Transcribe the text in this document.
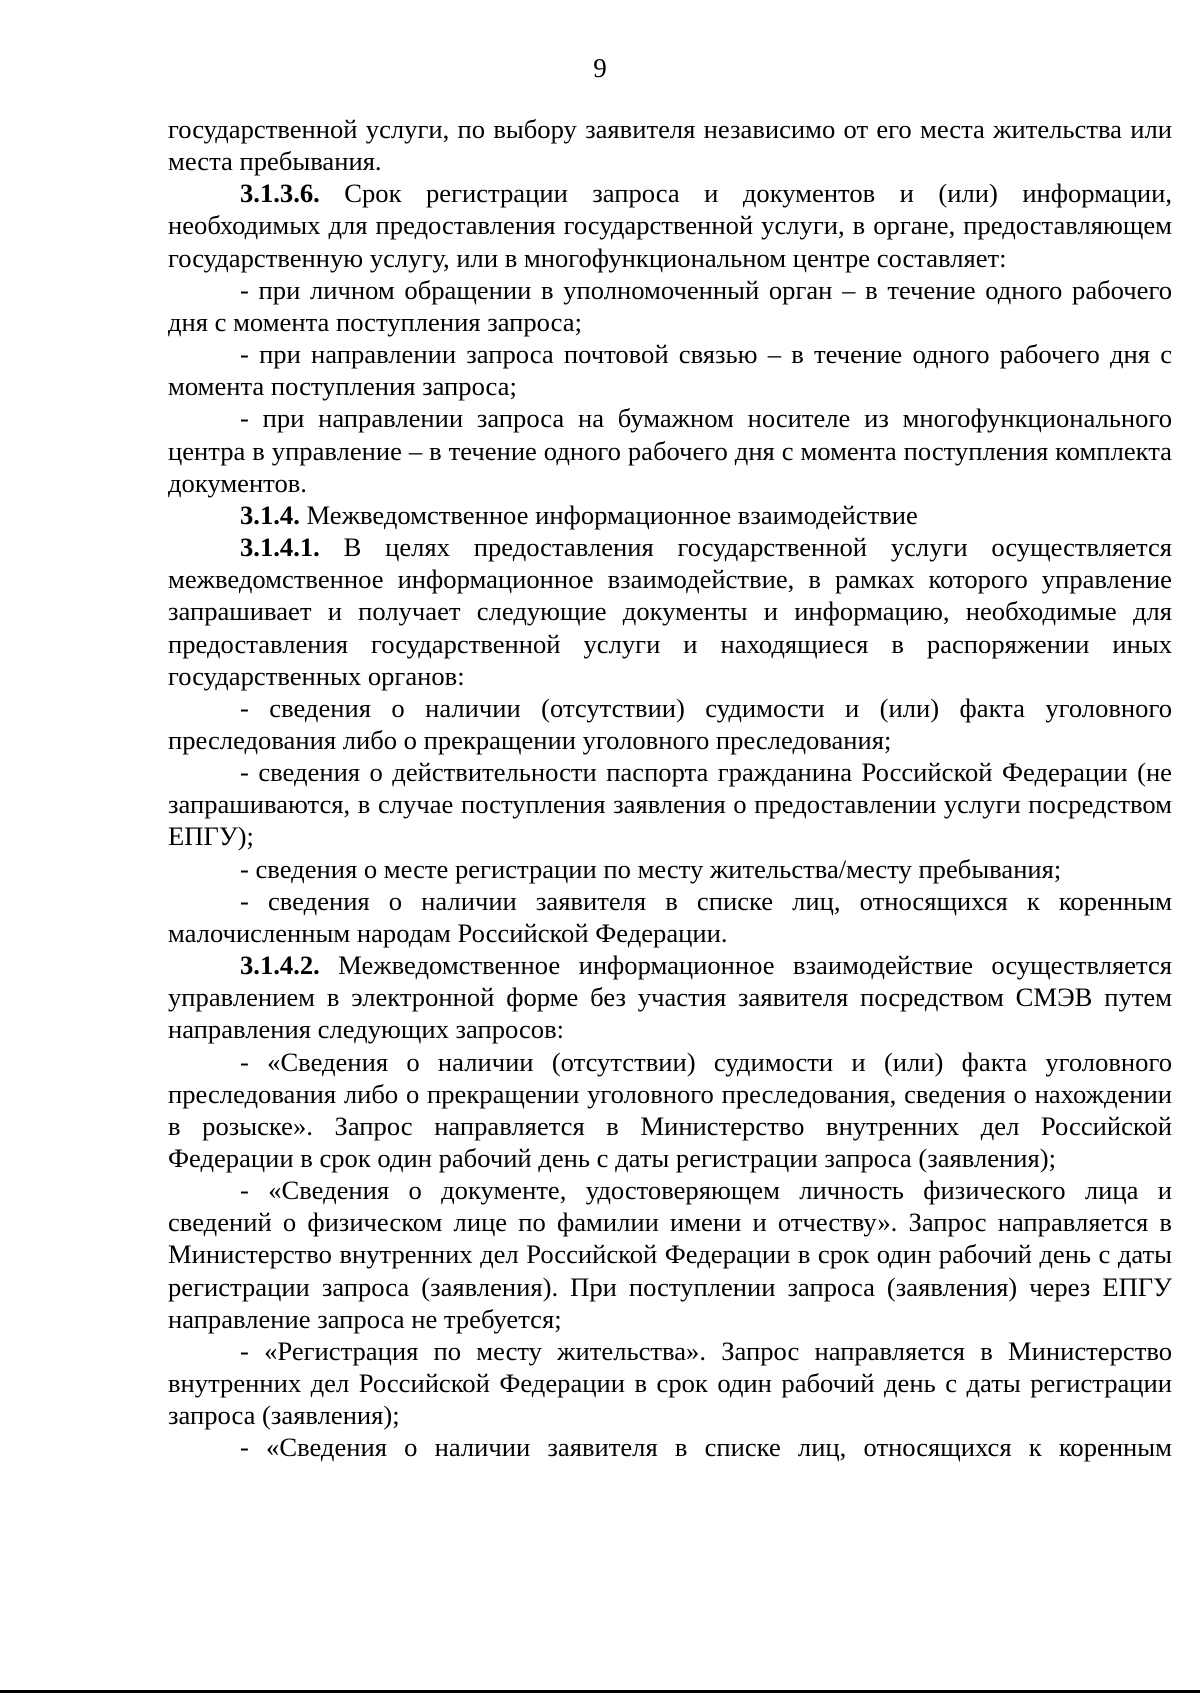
9

государственной услуги, по выбору заявителя независимо от его места жительства или места пребывания.

3.1.3.6. Срок регистрации запроса и документов и (или) информации, необходимых для предоставления государственной услуги, в органе, предоставляющем государственную услугу, или в многофункциональном центре составляет:

- при личном обращении в уполномоченный орган – в течение одного рабочего дня с момента поступления запроса;

- при направлении запроса почтовой связью – в течение одного рабочего дня с момента поступления запроса;

- при направлении запроса на бумажном носителе из многофункционального центра в управление – в течение одного рабочего дня с момента поступления комплекта документов.

3.1.4. Межведомственное информационное взаимодействие

3.1.4.1. В целях предоставления государственной услуги осуществляется межведомственное информационное взаимодействие, в рамках которого управление запрашивает и получает следующие документы и информацию, необходимые для предоставления государственной услуги и находящиеся в распоряжении иных государственных органов:

- сведения о наличии (отсутствии) судимости и (или) факта уголовного преследования либо о прекращении уголовного преследования;

- сведения о действительности паспорта гражданина Российской Федерации (не запрашиваются, в случае поступления заявления о предоставлении услуги посредством ЕПГУ);

- сведения о месте регистрации по месту жительства/месту пребывания;

- сведения о наличии заявителя в списке лиц, относящихся к коренным малочисленным народам Российской Федерации.

3.1.4.2. Межведомственное информационное взаимодействие осуществляется управлением в электронной форме без участия заявителя посредством СМЭВ путем направления следующих запросов:

- «Сведения о наличии (отсутствии) судимости и (или) факта уголовного преследования либо о прекращении уголовного преследования, сведения о нахождении в розыске». Запрос направляется в Министерство внутренних дел Российской Федерации в срок один рабочий день с даты регистрации запроса (заявления);

- «Сведения о документе, удостоверяющем личность физического лица и сведений о физическом лице по фамилии имени и отчеству». Запрос направляется в Министерство внутренних дел Российской Федерации в срок один рабочий день с даты регистрации запроса (заявления). При поступлении запроса (заявления) через ЕПГУ направление запроса не требуется;

- «Регистрация по месту жительства». Запрос направляется в Министерство внутренних дел Российской Федерации в срок один рабочий день с даты регистрации запроса (заявления);

- «Сведения о наличии заявителя в списке лиц, относящихся к коренным
